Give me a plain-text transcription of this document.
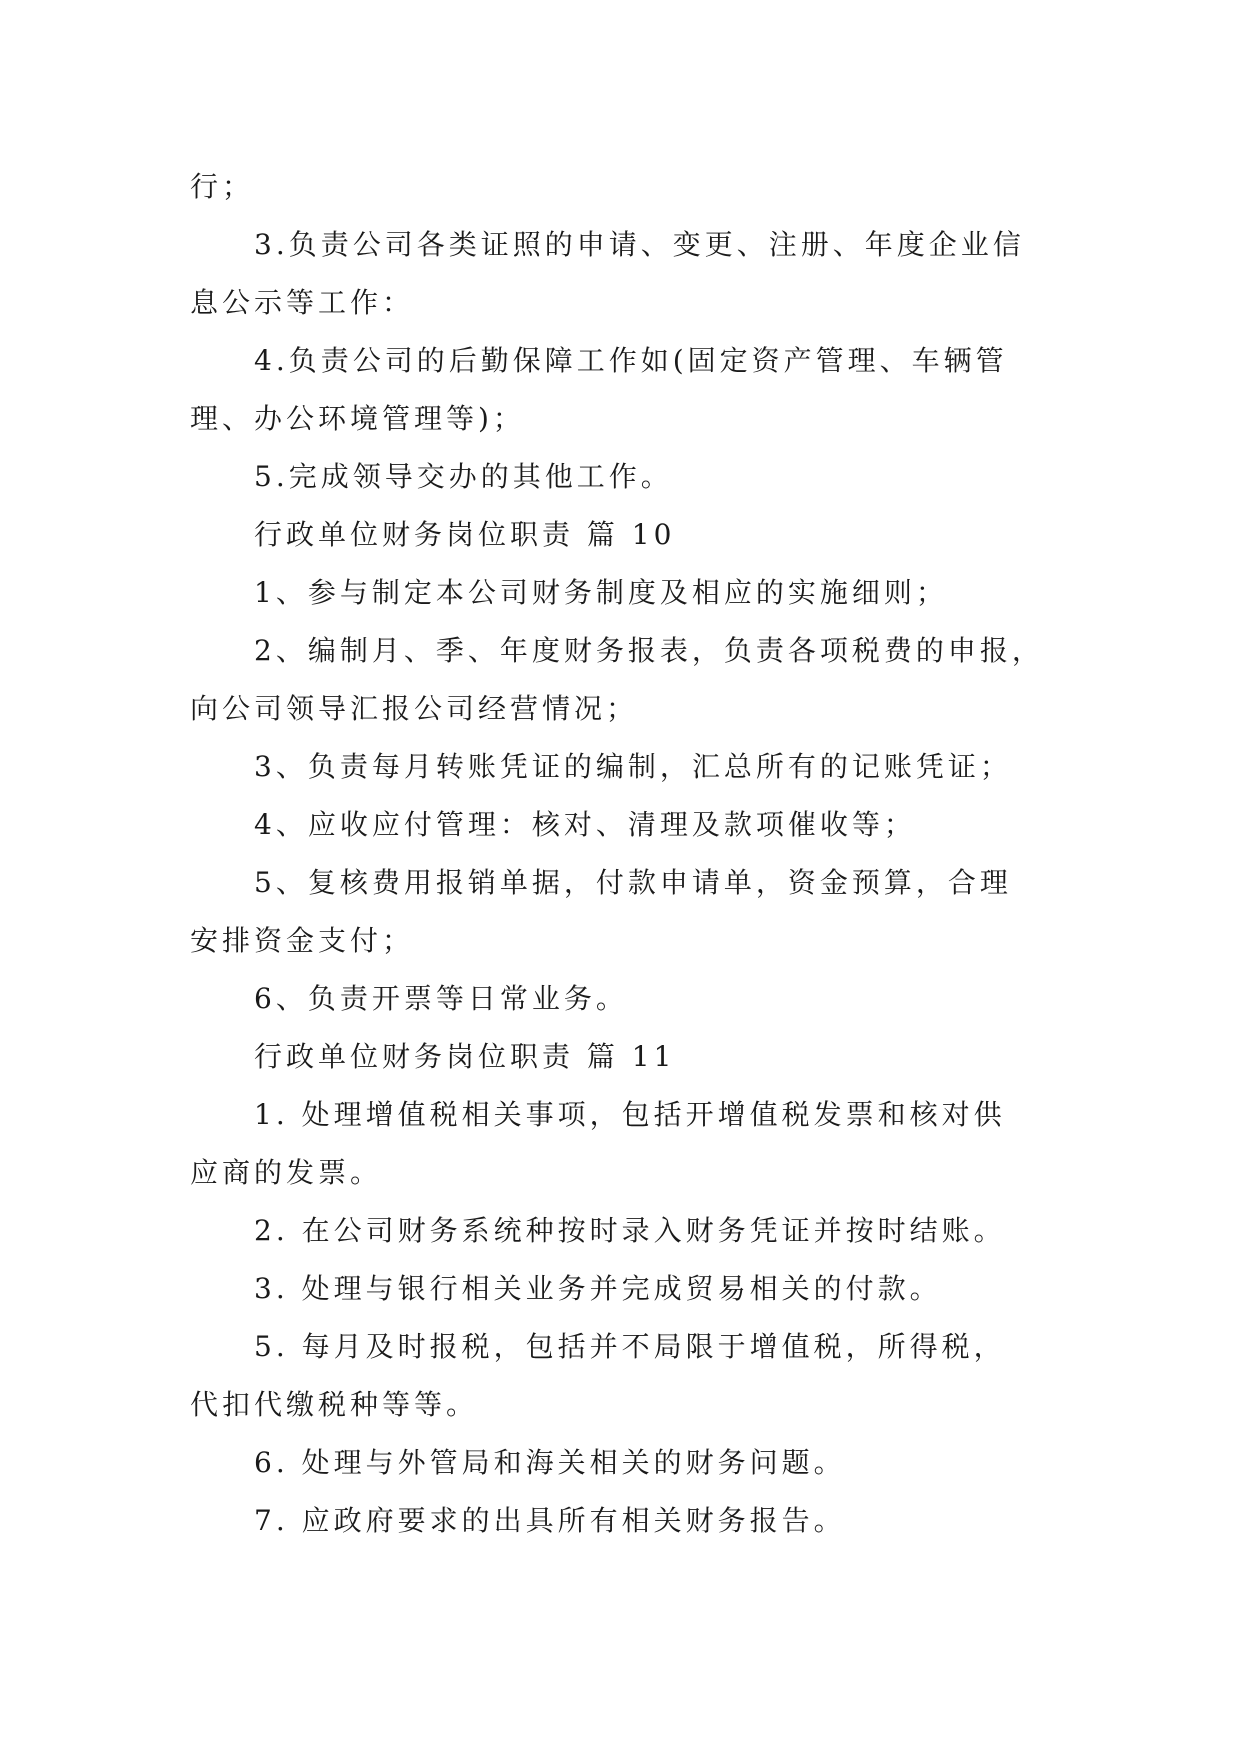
行；

3.负责公司各类证照的申请、变更、注册、年度企业信

息公示等工作：

4.负责公司的后勤保障工作如(固定资产管理、车辆管

理、办公环境管理等)；

5.完成领导交办的其他工作。

行政单位财务岗位职责 篇 10

1、参与制定本公司财务制度及相应的实施细则；

2、编制月、季、年度财务报表，负责各项税费的申报，

向公司领导汇报公司经营情况；

3、负责每月转账凭证的编制，汇总所有的记账凭证；

4、应收应付管理：核对、清理及款项催收等；

5、复核费用报销单据，付款申请单，资金预算，合理

安排资金支付；

6、负责开票等日常业务。

行政单位财务岗位职责 篇 11

1. 处理增值税相关事项，包括开增值税发票和核对供

应商的发票。

2. 在公司财务系统种按时录入财务凭证并按时结账。

3. 处理与银行相关业务并完成贸易相关的付款。

5. 每月及时报税，包括并不局限于增值税，所得税，

代扣代缴税种等等。

6. 处理与外管局和海关相关的财务问题。

7. 应政府要求的出具所有相关财务报告。
